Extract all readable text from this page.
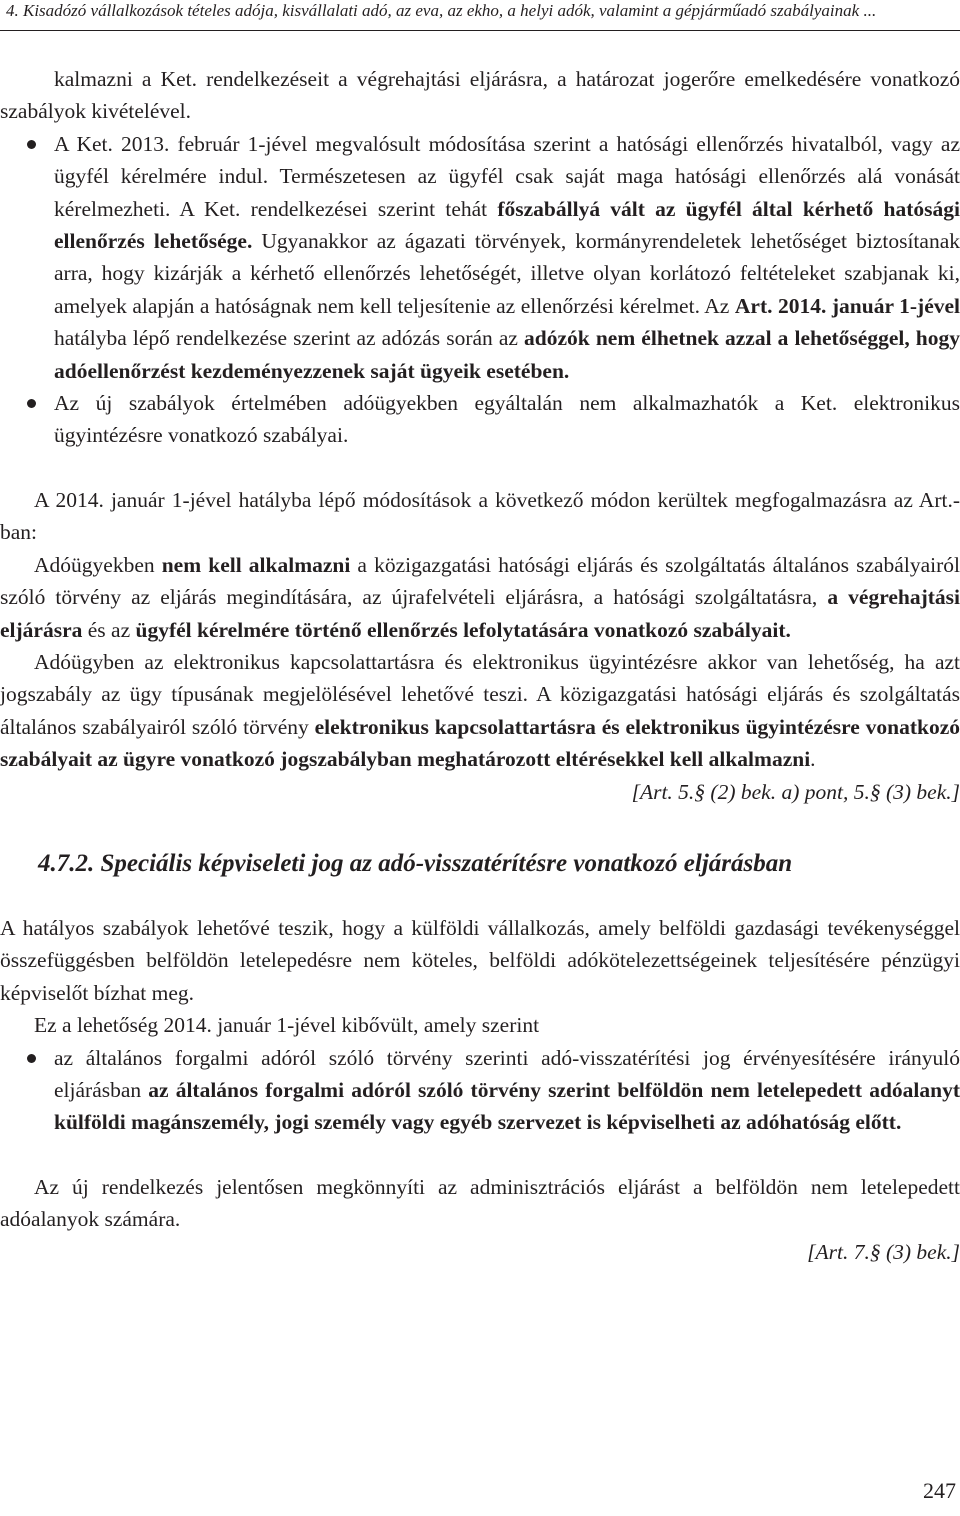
4. Kisadózó vállalkozások tételes adója, kisvállalati adó, az eva, az ekho, a helyi adók, valamint a gépjárműadó szabályainak ...

kalmazni a Ket. rendelkezéseit a végrehajtási eljárásra, a határozat jogerőre emelkedésére vonatkozó szabályok kivételével.

A Ket. 2013. február 1-jével megvalósult módosítása szerint a hatósági ellenőrzés hivatalból, vagy az ügyfél kérelmére indul. Természetesen az ügyfél csak saját maga hatósági ellenőrzés alá vonását kérelmezheti. A Ket. rendelkezései szerint tehát főszabállyá vált az ügyfél által kérhető hatósági ellenőrzés lehetősége. Ugyanakkor az ágazati törvények, kormányrendeletek lehetőséget biztosítanak arra, hogy kizárják a kérhető ellenőrzés lehetőségét, illetve olyan korlátozó feltételeket szabjanak ki, amelyek alapján a hatóságnak nem kell teljesítenie az ellenőrzési kérelmet. Az Art. 2014. január 1-jével hatályba lépő rendelkezése szerint az adózás során az adózók nem élhetnek azzal a lehetőséggel, hogy adóellenőrzést kezdeményezzenek saját ügyeik esetében.

Az új szabályok értelmében adóügyekben egyáltalán nem alkalmazhatók a Ket. elektronikus ügyintézésre vonatkozó szabályai.

A 2014. január 1-jével hatályba lépő módosítások a következő módon kerültek megfogalmazásra az Art.-ban:

Adóügyekben nem kell alkalmazni a közigazgatási hatósági eljárás és szolgáltatás általános szabályairól szóló törvény az eljárás megindítására, az újrafelvételi eljárásra, a hatósági szolgáltatásra, a végrehajtási eljárásra és az ügyfél kérelmére történő ellenőrzés lefolytatására vonatkozó szabályait.

Adóügyben az elektronikus kapcsolattartásra és elektronikus ügyintézésre akkor van lehetőség, ha azt jogszabály az ügy típusának megjelölésével lehetővé teszi. A közigazgatási hatósági eljárás és szolgáltatás általános szabályairól szóló törvény elektronikus kapcsolattartásra és elektronikus ügyintézésre vonatkozó szabályait az ügyre vonatkozó jogszabályban meghatározott eltérésekkel kell alkalmazni.

[Art. 5.§ (2) bek. a) pont, 5.§ (3) bek.]

4.7.2. Speciális képviseleti jog az adó-visszatérítésre vonatkozó eljárásban

A hatályos szabályok lehetővé teszik, hogy a külföldi vállalkozás, amely belföldi gazdasági tevékenységgel összefüggésben belföldön letelepedésre nem köteles, belföldi adókötelezettségeinek teljesítésére pénzügyi képviselőt bízhat meg.

Ez a lehetőség 2014. január 1-jével kibővült, amely szerint

az általános forgalmi adóról szóló törvény szerinti adó-visszatérítési jog érvényesítésére irányuló eljárásban az általános forgalmi adóról szóló törvény szerint belföldön nem letelepedett adóalanyt külföldi magánszemély, jogi személy vagy egyéb szervezet is képviselheti az adóhatóság előtt.

Az új rendelkezés jelentősen megkönnyíti az adminisztrációs eljárást a belföldön nem letelepedett adóalanyok számára.

[Art. 7.§ (3) bek.]

247
